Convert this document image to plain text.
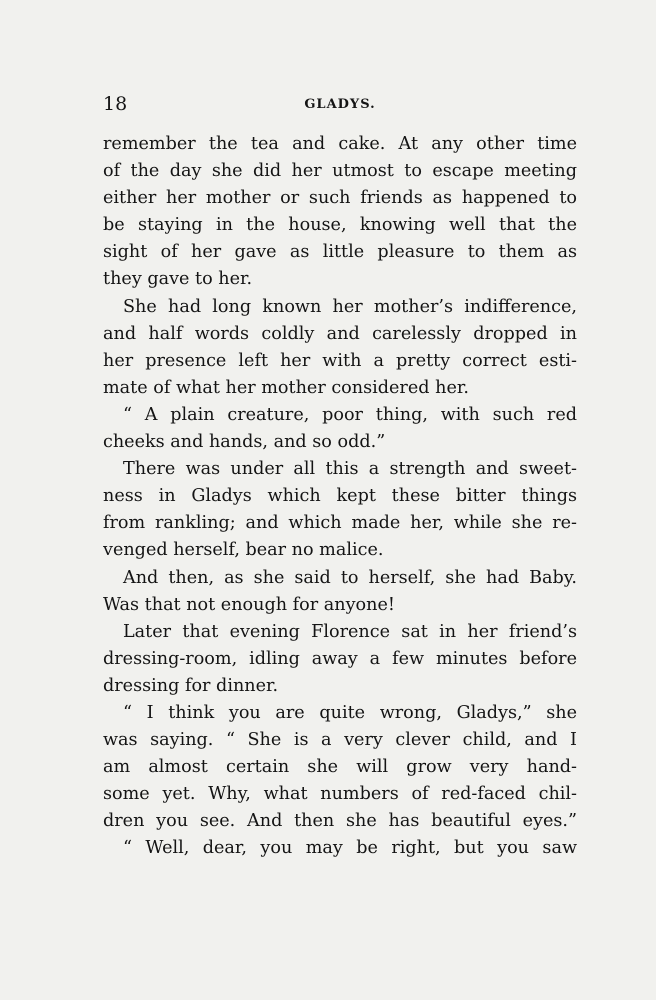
18	GLADYS.
remember the tea and cake. At any other time
of the day she did her utmost to escape meeting
either her mother or such friends as happened to
be staying in the house, knowing well that the
sight of her gave as little pleasure to them as
they gave to her.
She had long known her mother’s indifference,
and half words coldly and carelessly dropped in
her presence left her with a pretty correct esti-
mate of what her mother considered her.
“ A plain creature, poor thing, with such red
cheeks and hands, and so odd.”
There was under all this a strength and sweet-
ness in Gladys which kept these bitter things
from rankling; and which made her, while she re-
venged herself, bear no malice.
And then, as she said to herself, she had Baby.
Was that not enough for anyone!
Later that evening Florence sat in her friend’s
dressing-room, idling away a few minutes before
dressing for dinner.
“ I think you are quite wrong, Gladys,” she
was saying. “ She is a very clever child, and I
am almost certain she will grow very hand-
some yet. Why, what numbers of red-faced chil-
dren you see. And then she has beautiful eyes.”
“ Well, dear, you may be right, but you saw
